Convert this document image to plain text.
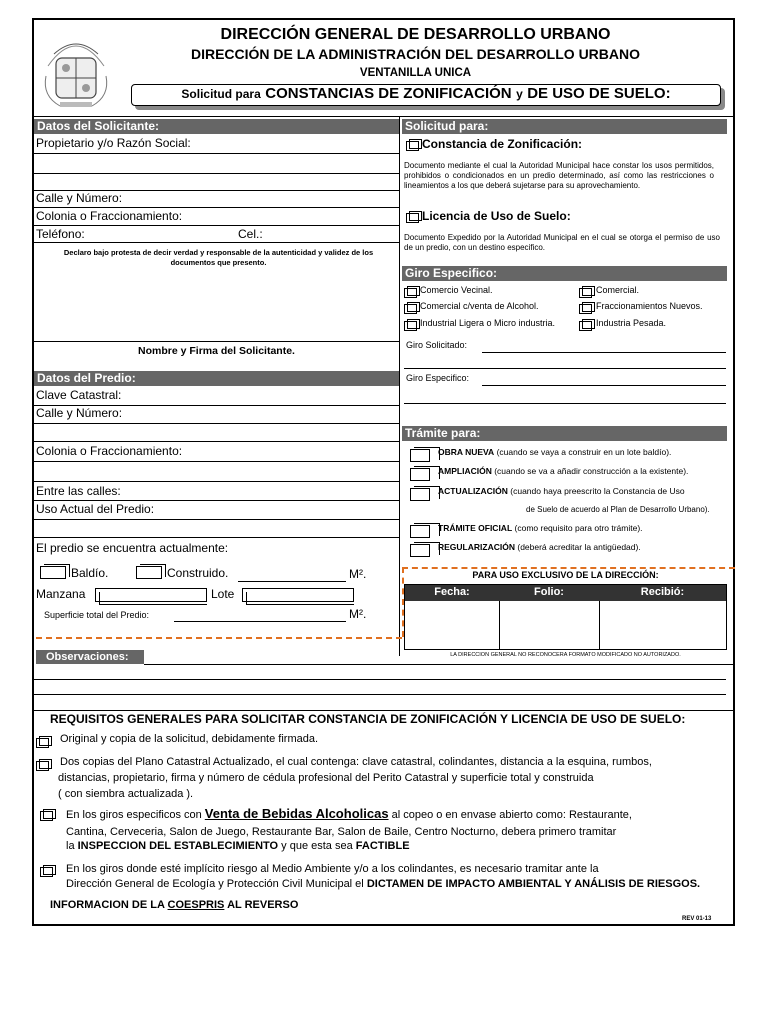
DIRECCIÓN GENERAL DE DESARROLLO URBANO
DIRECCIÓN DE LA ADMINISTRACIÓN DEL DESARROLLO URBANO
VENTANILLA UNICA
Solicitud para CONSTANCIAS DE ZONIFICACIÓN y DE USO DE SUELO:
Datos del Solicitante:
Propietario y/o Razón Social:
Calle y Número:
Colonia o Fraccionamiento:
Teléfono:	Cel.:
Declaro bajo protesta de decir verdad y responsable de la autenticidad y validez de los documentos que presento.
Nombre y Firma del Solicitante.
Datos del Predio:
Clave Catastral:
Calle y Número:
Colonia o Fraccionamiento:
Entre las calles:
Uso Actual del Predio:
El predio se encuentra actualmente:
Baldío.	Construido.	M².
Manzana	Lote
Superficie total del Predio:	M².
Observaciones:
Solicitud para:
Constancia de Zonificación:
Documento mediante el cual la Autoridad Municipal hace constar los usos permitidos, prohibidos o condicionados en un predio determinado, así como las restricciones o lineamientos a los que deberá sujetarse para su aprovechamiento.
Licencia de Uso de Suelo:
Documento Expedido por la Autoridad Municipal en el cual se otorga el permiso de uso de un predio, con un destino especifico.
Giro Especifico:
Comercio Vecinal.	Comercial.
Comercial c/venta de Alcohol.	Fraccionamientos Nuevos.
Industrial Ligera o Micro industria.	Industria Pesada.
Giro Solicitado:
Giro Especifico:
Trámite para:
OBRA NUEVA (cuando se vaya a construir en un lote baldío).
AMPLIACIÓN (cuando se va a añadir construcción a la existente).
ACTUALIZACIÓN (cuando haya preescrito la Constancia de Uso
de Suelo de acuerdo al Plan de Desarrollo Urbano).
TRÁMITE OFICIAL (como requisito para otro trámite).
REGULARIZACIÓN (deberá acreditar la antigüedad).
PARA USO EXCLUSIVO DE LA DIRECCIÓN:
Fecha:	Folio:	Recibió:
LA DIRECCION GENERAL NO RECONOCERA FORMATO MODIFICADO NO AUTORIZADO.
REQUISITOS GENERALES PARA SOLICITAR CONSTANCIA DE ZONIFICACIÓN Y LICENCIA DE USO DE SUELO:
Original y copia de la solicitud, debidamente firmada.
Dos copias del Plano Catastral Actualizado, el cual contenga: clave catastral, colindantes, distancia a la esquina, rumbos,
distancias, propietario, firma y número de cédula profesional del Perito Catastral y superficie total y construida
( con siembra actualizada ).
En los giros especificos con Venta de Bebidas Alcoholicas al copeo o en envase abierto como: Restaurante,
Cantina, Cerveceria, Salon de Juego, Restaurante Bar, Salon de Baile, Centro Nocturno, debera primero tramitar
la INSPECCION DEL ESTABLECIMIENTO y que esta sea FACTIBLE
En los giros donde esté implícito riesgo al Medio Ambiente y/o a los colindantes, es necesario tramitar ante la
Dirección General de Ecología y Protección Civil Municipal el DICTAMEN DE IMPACTO AMBIENTAL Y ANÁLISIS DE RIESGOS.
INFORMACION DE LA COESPRIS AL REVERSO
REV 01-13
